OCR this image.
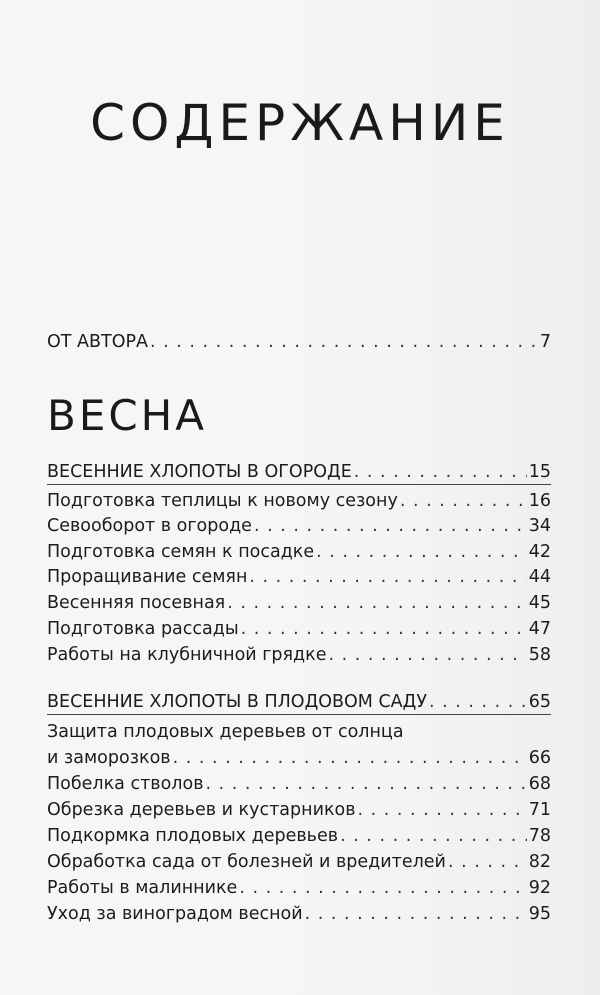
СОДЕРЖАНИЕ
ОТ АВТОРА . . .	7
ВЕСНА
ВЕСЕННИЕ ХЛОПОТЫ В ОГОРОДЕ . . .	15
Подготовка теплицы к новому сезону . . .	16
Севооборот в огороде . . .	34
Подготовка семян к посадке . . .	42
Проращивание семян . . .	44
Весенняя посевная . . .	45
Подготовка рассады . . .	47
Работы на клубничной грядке . . .	58
ВЕСЕННИЕ ХЛОПОТЫ В ПЛОДОВОМ САДУ . . .	65
Защита плодовых деревьев от солнца
и заморозков . . .	66
Побелка стволов . . .	68
Обрезка деревьев и кустарников . . .	71
Подкормка плодовых деревьев . . .	78
Обработка сада от болезней и вредителей . . .	82
Работы в малиннике . . .	92
Уход за виноградом весной . . .	95
